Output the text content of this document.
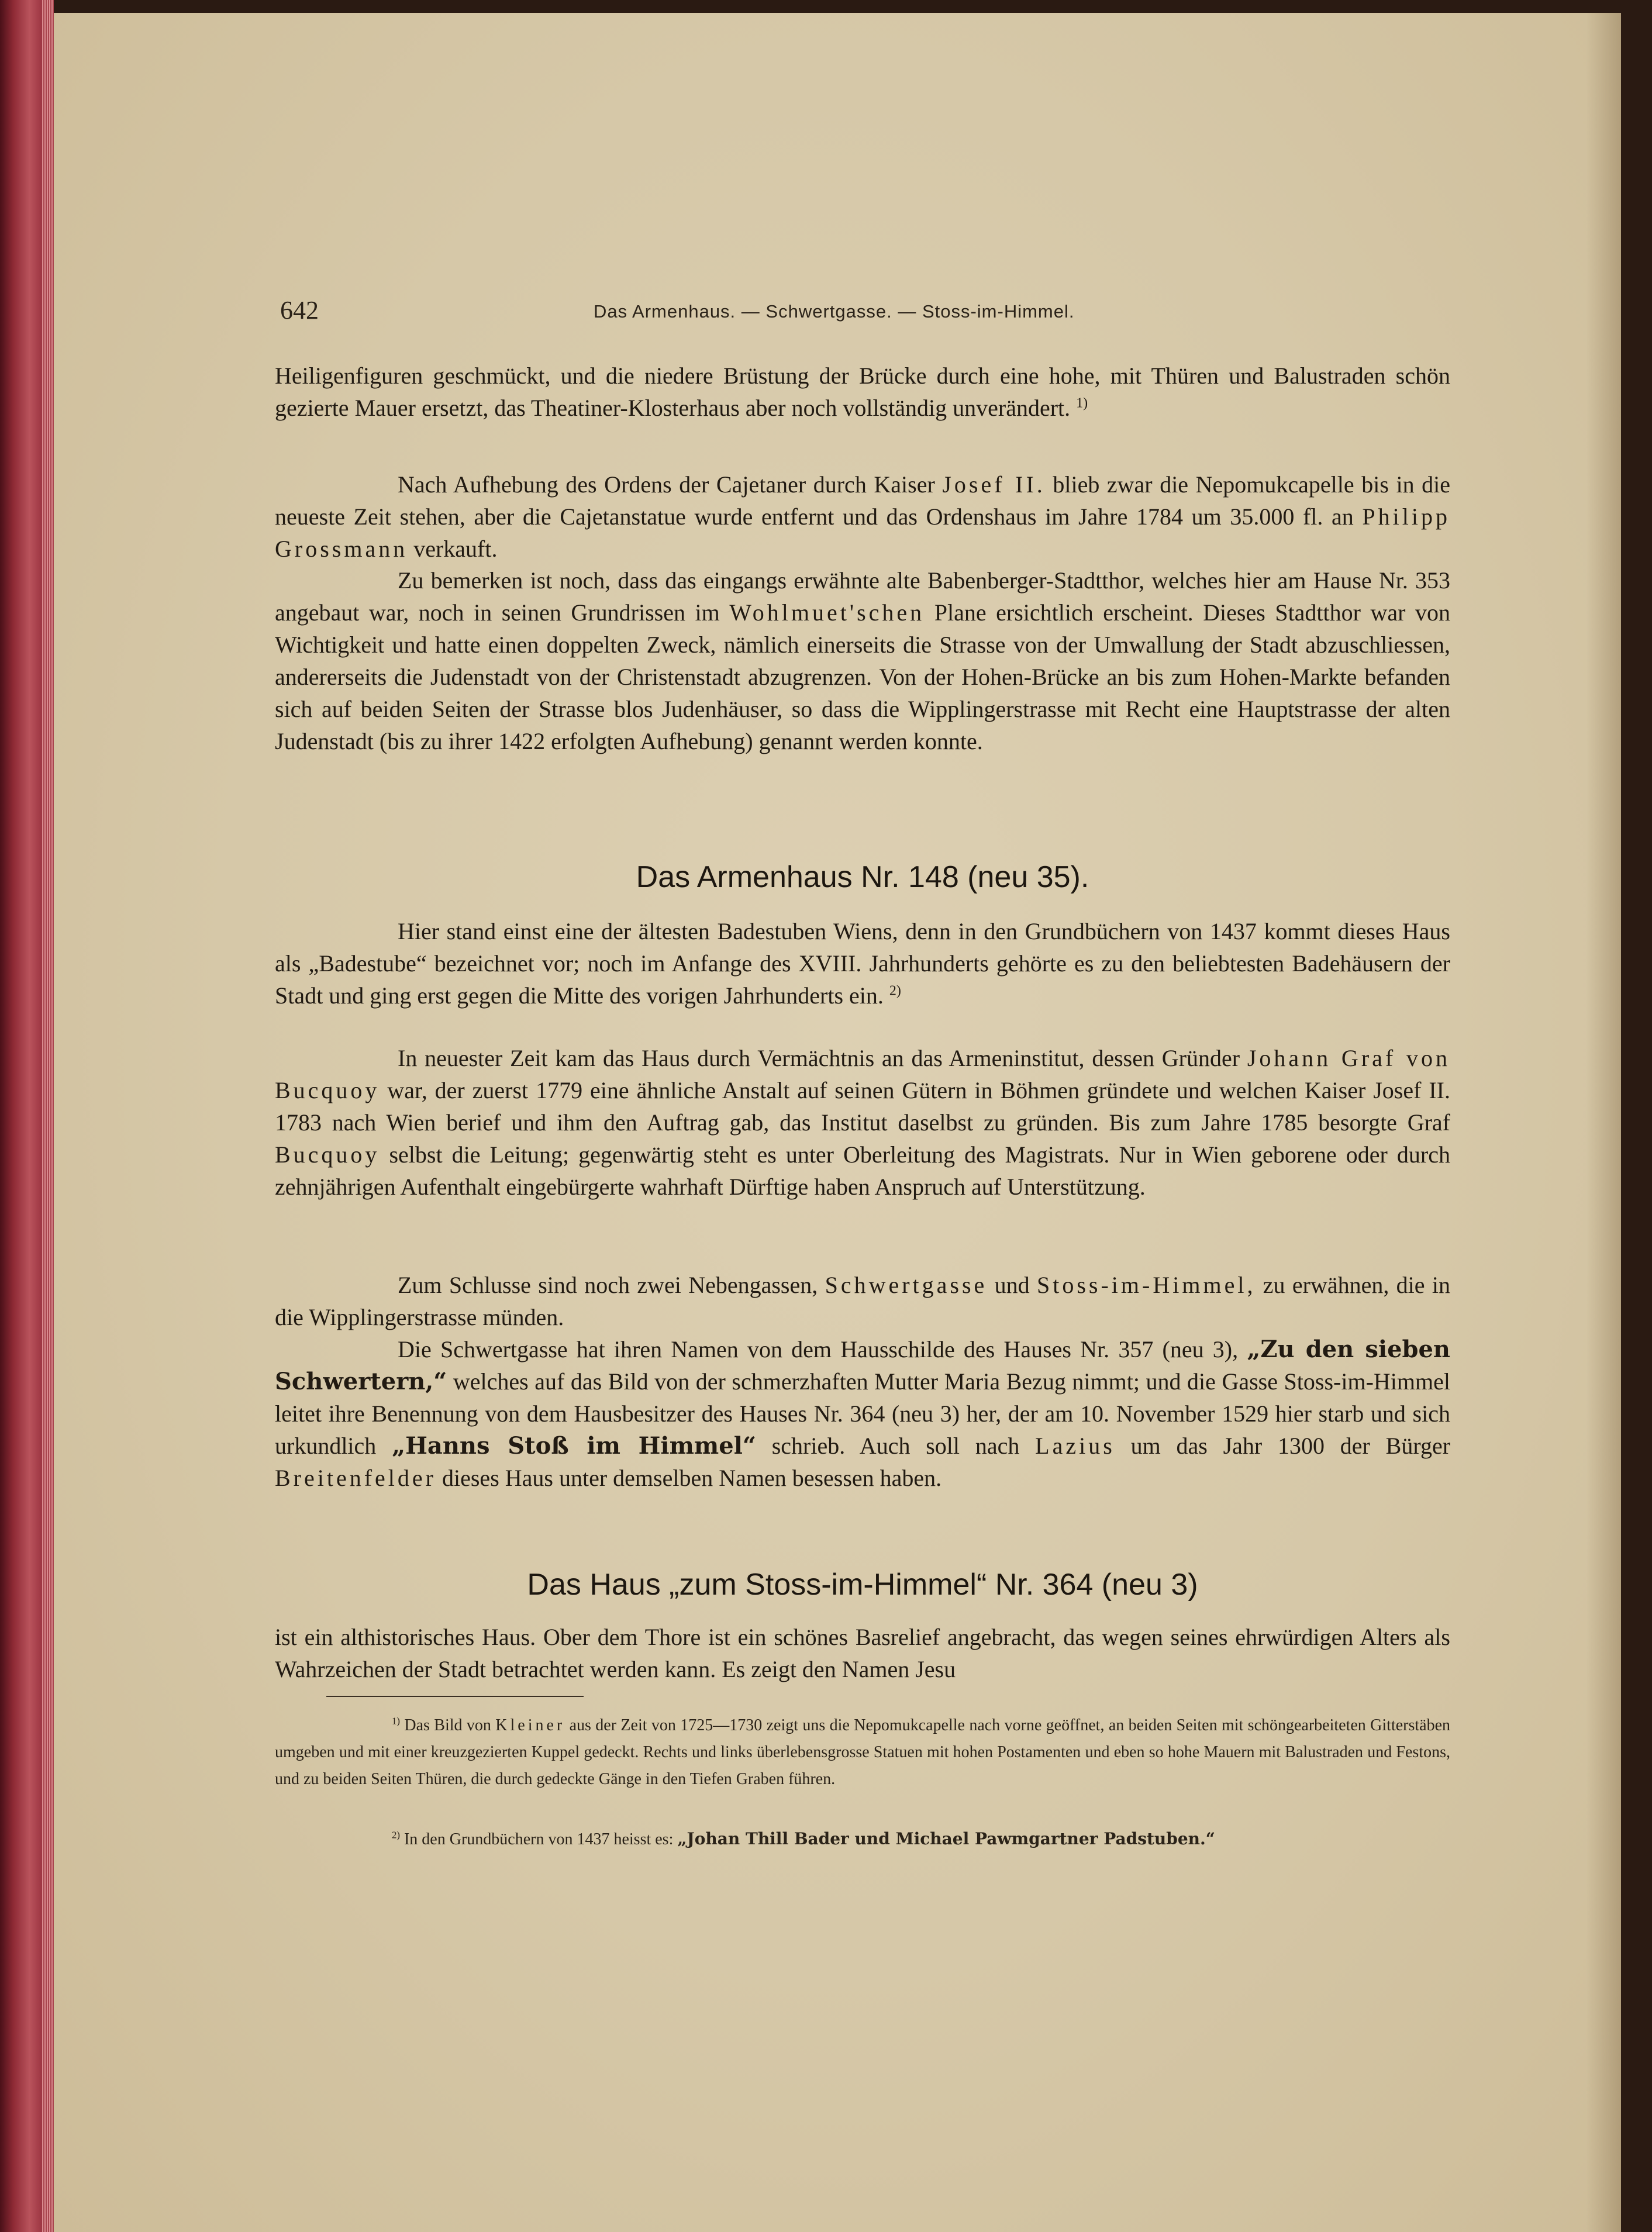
642	Das Armenhaus. — Schwertgasse. — Stoss-im-Himmel.

Heiligenfiguren geschmückt, und die niedere Brüstung der Brücke durch eine hohe, mit Thüren und Balustraden schön gezierte Mauer ersetzt, das Theatiner-Klosterhaus aber noch vollständig unverändert. $^{1)}$

Nach Aufhebung des Ordens der Cajetaner durch Kaiser Josef II. blieb zwar die Nepomukcapelle bis in die neueste Zeit stehen, aber die Cajetanstatue wurde entfernt und das Ordenshaus im Jahre 1784 um 35.000 fl. an Philipp Grossmann verkauft.

Zu bemerken ist noch, dass das eingangs erwähnte alte Babenberger-Stadtthor, welches hier am Hause Nr. 353 angebaut war, noch in seinen Grundrissen im Wohlmuet'schen Plane ersichtlich erscheint. Dieses Stadtthor war von Wichtigkeit und hatte einen doppelten Zweck, nämlich einerseits die Strasse von der Umwallung der Stadt abzuschliessen, andererseits die Judenstadt von der Christenstadt abzugrenzen. Von der Hohen-Brücke an bis zum Hohen-Markte befanden sich auf beiden Seiten der Strasse blos Judenhäuser, so dass die Wipplingerstrasse mit Recht eine Hauptstrasse der alten Judenstadt (bis zu ihrer 1422 erfolgten Aufhebung) genannt werden konnte.

Das Armenhaus Nr. 148 (neu 35).

Hier stand einst eine der ältesten Badestuben Wiens, denn in den Grundbüchern von 1437 kommt dieses Haus als „Badestube“ bezeichnet vor; noch im Anfange des XVIII. Jahrhunderts gehörte es zu den beliebtesten Badehäusern der Stadt und ging erst gegen die Mitte des vorigen Jahrhunderts ein. $^{2)}$

In neuester Zeit kam das Haus durch Vermächtnis an das Armeninstitut, dessen Gründer Johann Graf von Bucquoy war, der zuerst 1779 eine ähnliche Anstalt auf seinen Gütern in Böhmen gründete und welchen Kaiser Josef II. 1783 nach Wien berief und ihm den Auftrag gab, das Institut daselbst zu gründen. Bis zum Jahre 1785 besorgte Graf Bucquoy selbst die Leitung; gegenwärtig steht es unter Oberleitung des Magistrats. Nur in Wien geborene oder durch zehnjährigen Aufenthalt eingebürgerte wahrhaft Dürftige haben Anspruch auf Unterstützung.

Zum Schlusse sind noch zwei Nebengassen, Schwertgasse und Stoss-im-Himmel, zu erwähnen, die in die Wipplingerstrasse münden.

Die Schwertgasse hat ihren Namen von dem Hausschilde des Hauses Nr. 357 (neu 3), „Zu den sieben Schwertern,“ welches auf das Bild von der schmerzhaften Mutter Maria Bezug nimmt; und die Gasse Stoss-im-Himmel leitet ihre Benennung von dem Hausbesitzer des Hauses Nr. 364 (neu 3) her, der am 10. November 1529 hier starb und sich urkundlich „Hanns Stoß im Himmel“ schrieb. Auch soll nach Lazius um das Jahr 1300 der Bürger Breitenfelder dieses Haus unter demselben Namen besessen haben.

Das Haus „zum Stoss-im-Himmel“ Nr. 364 (neu 3)

ist ein althistorisches Haus. Ober dem Thore ist ein schönes Basrelief angebracht, das wegen seines ehrwürdigen Alters als Wahrzeichen der Stadt betrachtet werden kann. Es zeigt den Namen Jesu

$^{1)}$ Das Bild von Kleiner aus der Zeit von 1725—1730 zeigt uns die Nepomukcapelle nach vorne geöffnet, an beiden Seiten mit schöngearbeiteten Gitterstäben umgeben und mit einer kreuzgezierten Kuppel gedeckt. Rechts und links überlebensgrosse Statuen mit hohen Postamenten und eben so hohe Mauern mit Balustraden und Festons, und zu beiden Seiten Thüren, die durch gedeckte Gänge in den Tiefen Graben führen.

$^{2)}$ In den Grundbüchern von 1437 heisst es: „Johan Thill Bader und Michael Pawmgartner Padstuben.“
